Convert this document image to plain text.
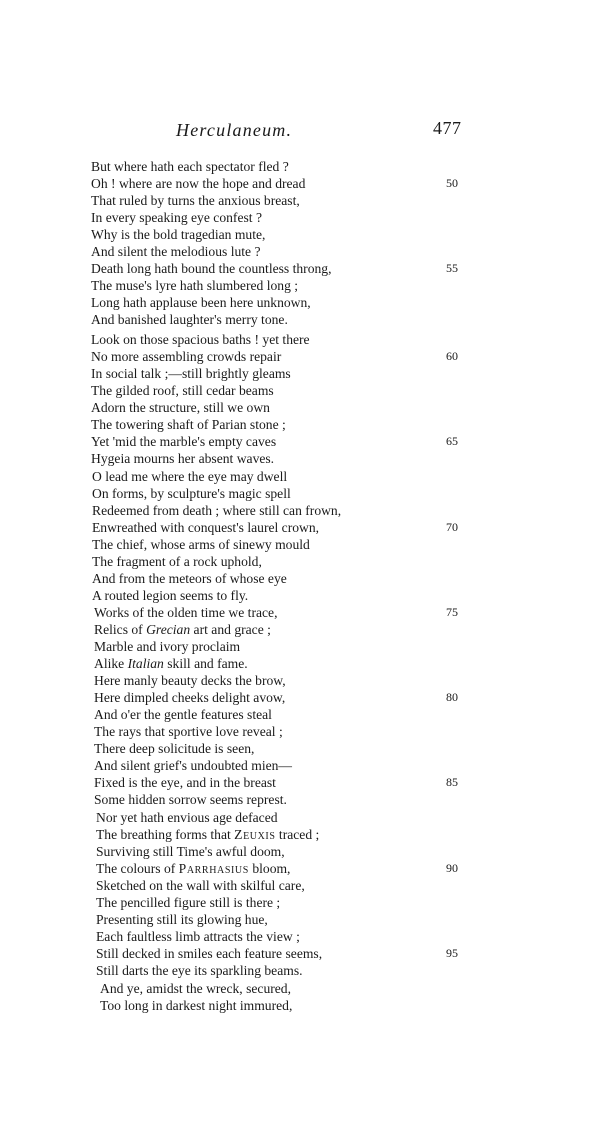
Herculaneum.	477
But where hath each spectator fled ?
Oh ! where are now the hope and dread	50
That ruled by turns the anxious breast,
In every speaking eye confest ?
Why is the bold tragedian mute,
And silent the melodious lute ?
Death long hath bound the countless throng,	55
The muse's lyre hath slumbered long ;
Long hath applause been here unknown,
And banished laughter's merry tone.
Look on those spacious baths ! yet there
No more assembling crowds repair	60
In social talk ;—still brightly gleams
The gilded roof, still cedar beams
Adorn the structure, still we own
The towering shaft of Parian stone ;
Yet 'mid the marble's empty caves	65
Hygeia mourns her absent waves.
O lead me where the eye may dwell
On forms, by sculpture's magic spell
Redeemed from death ; where still can frown,
Enwreathed with conquest's laurel crown,	70
The chief, whose arms of sinewy mould
The fragment of a rock uphold,
And from the meteors of whose eye
A routed legion seems to fly.
Works of the olden time we trace,	75
Relics of Grecian art and grace ;
Marble and ivory proclaim
Alike Italian skill and fame.
Here manly beauty decks the brow,
Here dimpled cheeks delight avow,	80
And o'er the gentle features steal
The rays that sportive love reveal ;
There deep solicitude is seen,
And silent grief's undoubted mien—
Fixed is the eye, and in the breast	85
Some hidden sorrow seems represt.
Nor yet hath envious age defaced
The breathing forms that Zeuxis traced ;
Surviving still Time's awful doom,
The colours of Parrhasius bloom,	90
Sketched on the wall with skilful care,
The pencilled figure still is there ;
Presenting still its glowing hue,
Each faultless limb attracts the view ;
Still decked in smiles each feature seems,	95
Still darts the eye its sparkling beams.
And ye, amidst the wreck, secured,
Too long in darkest night immured,
